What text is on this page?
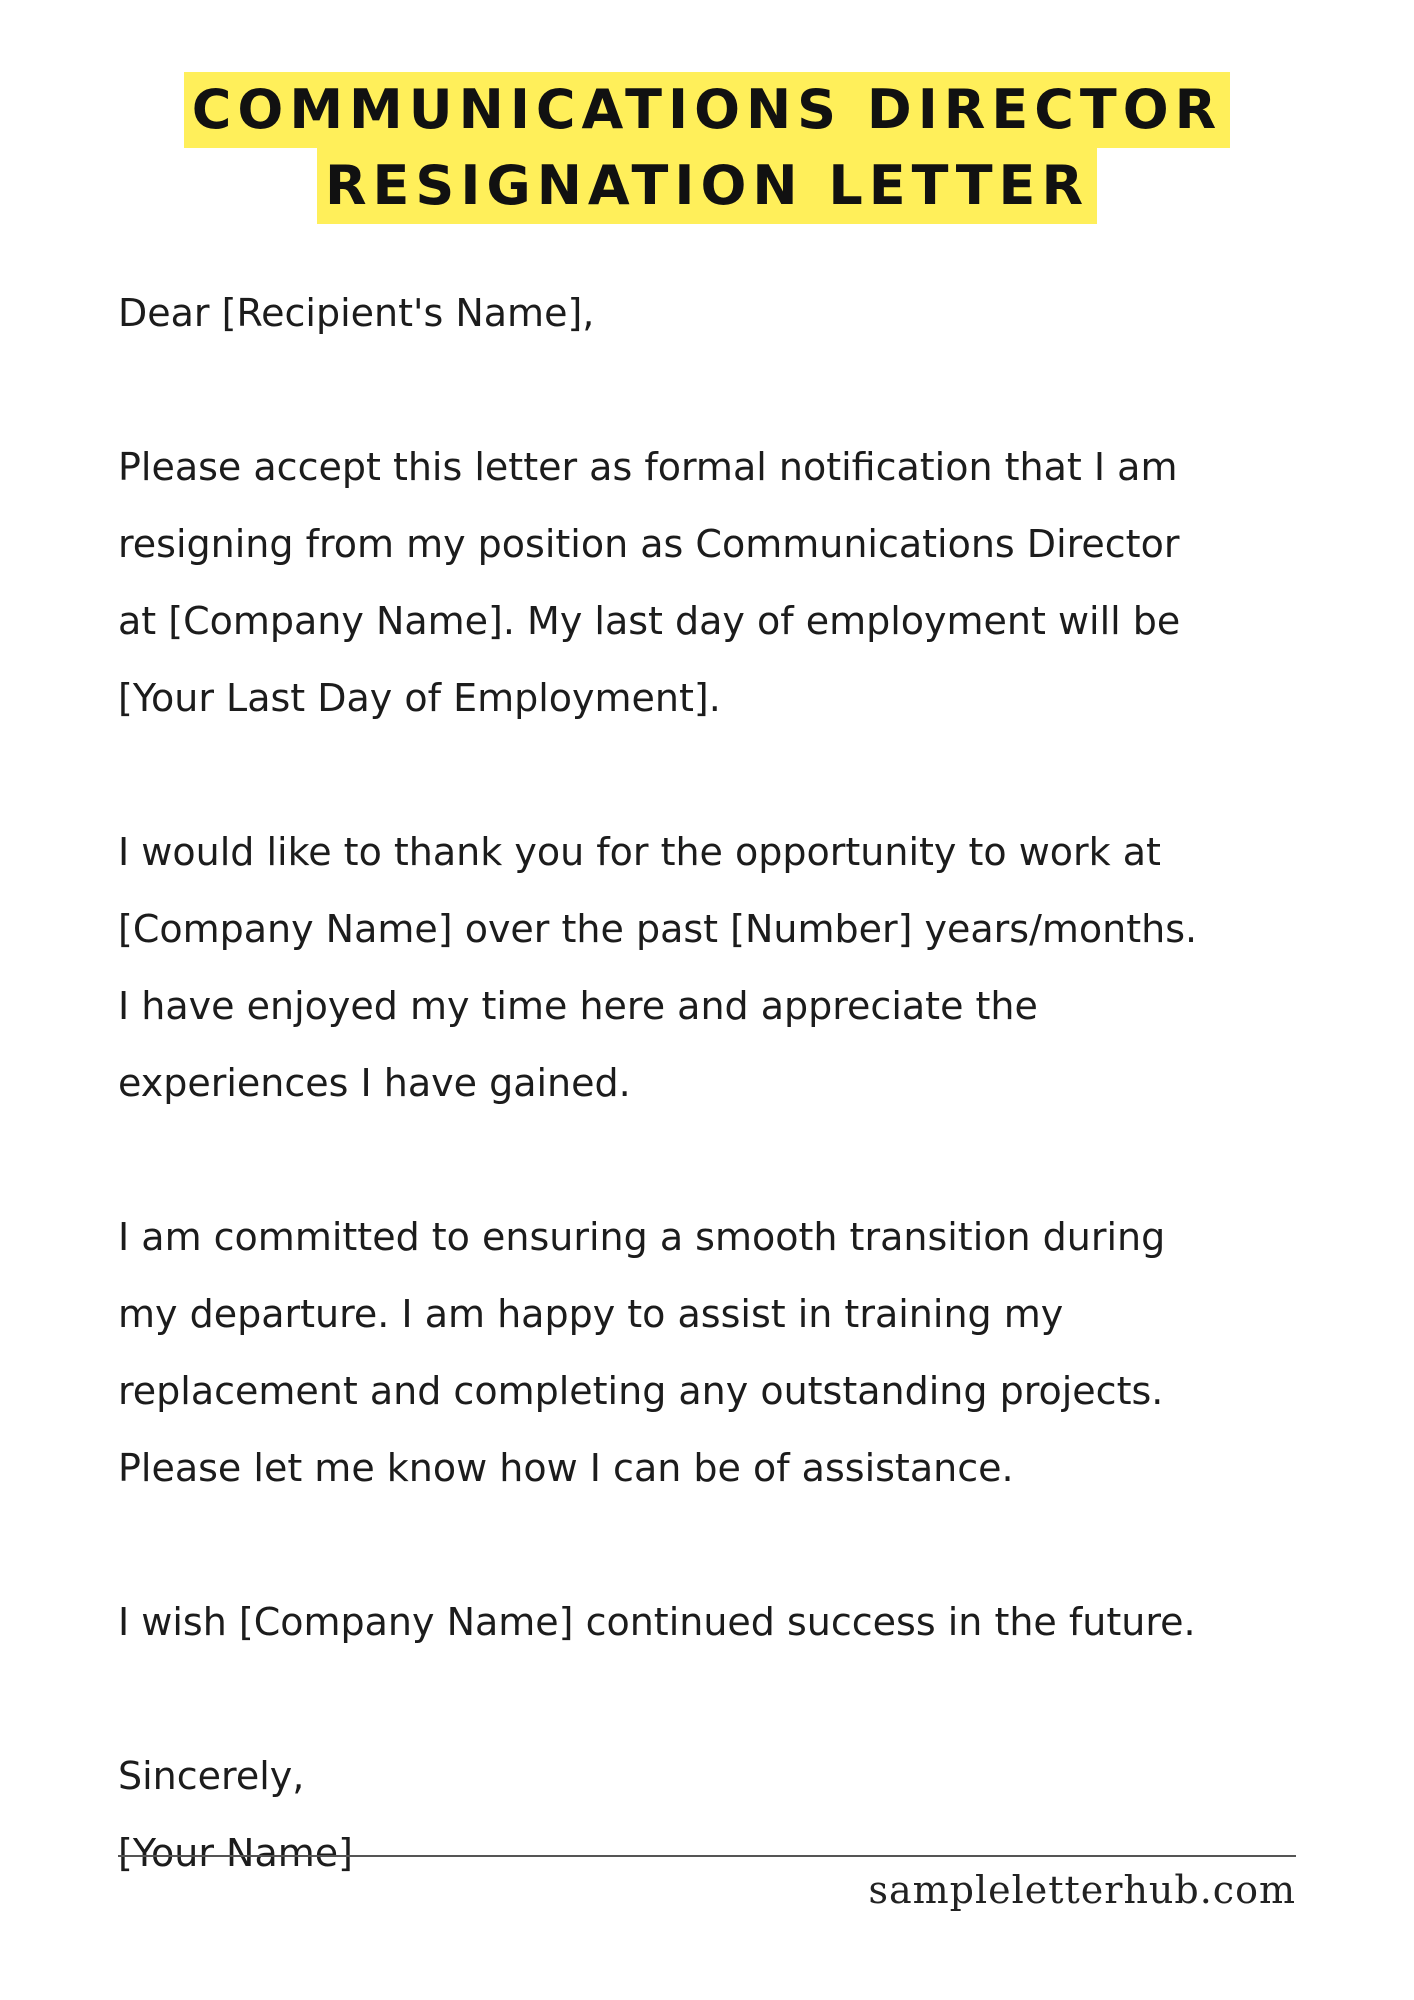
COMMUNICATIONS DIRECTOR
RESIGNATION LETTER

Dear [Recipient's Name],

Please accept this letter as formal notification that I am
resigning from my position as Communications Director
at [Company Name]. My last day of employment will be
[Your Last Day of Employment].

I would like to thank you for the opportunity to work at
[Company Name] over the past [Number] years/months.
I have enjoyed my time here and appreciate the
experiences I have gained.

I am committed to ensuring a smooth transition during
my departure. I am happy to assist in training my
replacement and completing any outstanding projects.
Please let me know how I can be of assistance.

I wish [Company Name] continued success in the future.

Sincerely,
[Your Name]

sampleletterhub.com
